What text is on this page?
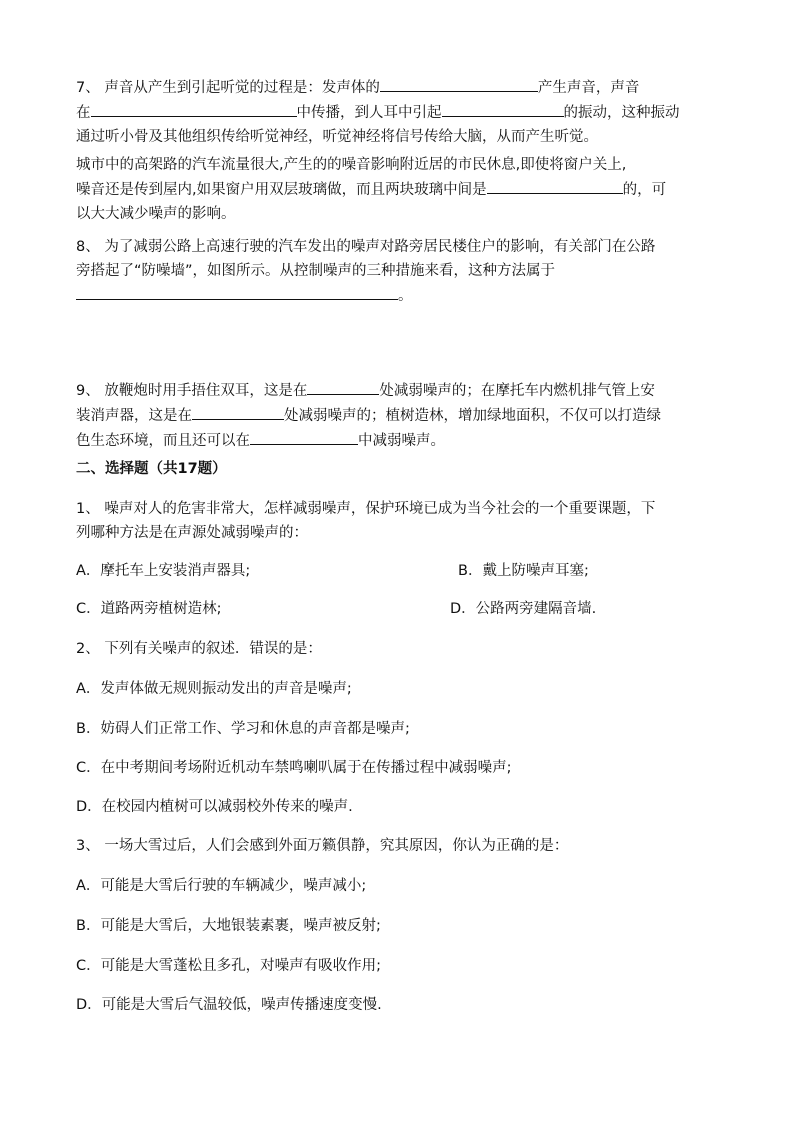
7、 声音从产生到引起听觉的过程是：发声体的	产生声音，声音
在	中传播，到人耳中引起	的振动，这种振动
通过听小骨及其他组织传给听觉神经，听觉神经将信号传给大脑，从而产生听觉。
城市中的高架路的汽车流量很大,产生的的噪音影响附近居的市民休息,即使将窗户关上,
噪音还是传到屋内,如果窗户用双层玻璃做，而且两块玻璃中间是	的，可
以大大减少噪声的影响。
8、 为了减弱公路上高速行驶的汽车发出的噪声对路旁居民楼住户的影响，有关部门在公路
旁搭起了“防噪墙”，如图所示。从控制噪声的三种措施来看，这种方法属于
。
9、 放鞭炮时用手捂住双耳，这是在	处减弱噪声的；在摩托车内燃机排气管上安
装消声器，这是在	处减弱噪声的；植树造林，增加绿地面积，不仅可以打造绿
色生态环境，而且还可以在	中减弱噪声。
二、选择题（共17题）
1、 噪声对人的危害非常大，怎样减弱噪声，保护环境已成为当今社会的一个重要课题，下
列哪种方法是在声源处减弱噪声的：

A．摩托车上安装消声器具;	B．戴上防噪声耳塞;

C．道路两旁植树造林;	D．公路两旁建隔音墙.

2、 下列有关噪声的叙述．错误的是：

A．发声体做无规则振动发出的声音是噪声;

B．妨碍人们正常工作、学习和休息的声音都是噪声;

C．在中考期间考场附近机动车禁鸣喇叭属于在传播过程中减弱噪声;

D．在校园内植树可以减弱校外传来的噪声.

3、 一场大雪过后，人们会感到外面万籁俱静，究其原因，你认为正确的是：

A．可能是大雪后行驶的车辆减少，噪声减小;

B．可能是大雪后，大地银装素裹，噪声被反射;

C．可能是大雪蓬松且多孔，对噪声有吸收作用;

D．可能是大雪后气温较低，噪声传播速度变慢.
